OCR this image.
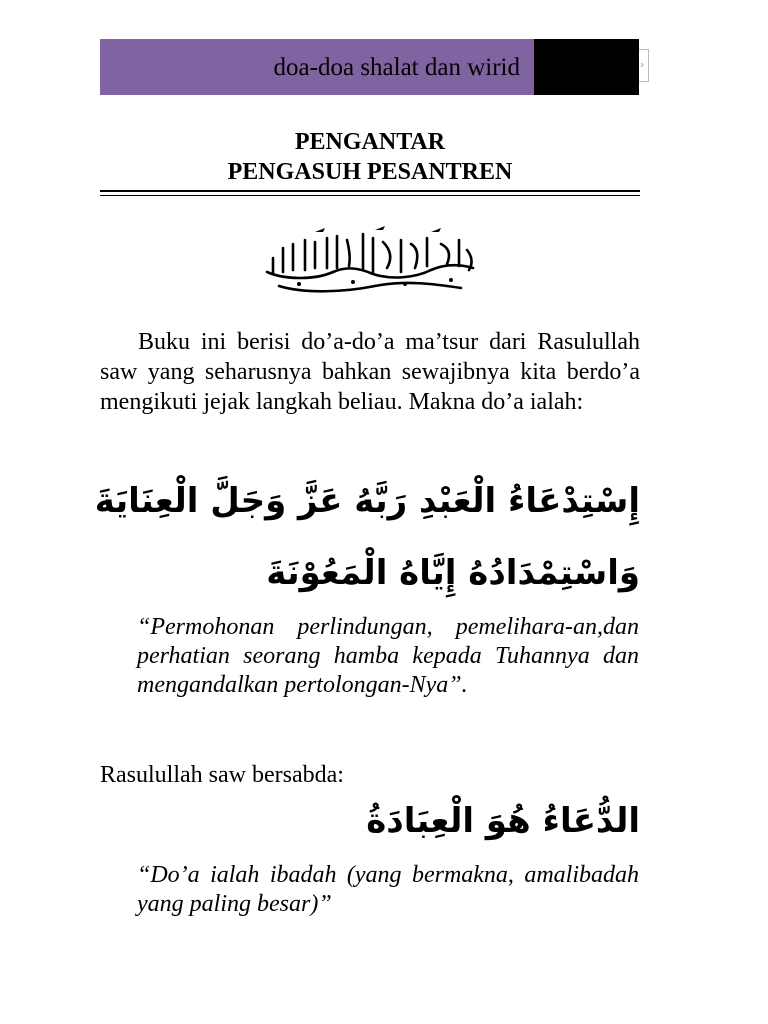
doa-doa shalat dan wirid	›
PENGANTAR
PENGASUH PESANTREN
Buku ini berisi do’a-do’a ma’tsur dari Rasulullah saw yang seharusnya bahkan sewajibnya kita berdo’a mengikuti jejak langkah beliau. Makna do’a ialah:
إِسْتِدْعَاءُ الْعَبْدِ رَبَّهُ عَزَّ وَجَلَّ الْعِنَايَةَ
وَاسْتِمْدَادُهُ إِيَّاهُ الْمَعُوْنَةَ
“Permohonan perlindungan, pemelihara-an,dan perhatian seorang hamba kepada Tuhannya dan mengandalkan pertolongan-Nya”.
Rasulullah saw bersabda:
الدُّعَاءُ هُوَ الْعِبَادَةُ
“Do’a ialah ibadah (yang bermakna, amalibadah yang paling besar)”
